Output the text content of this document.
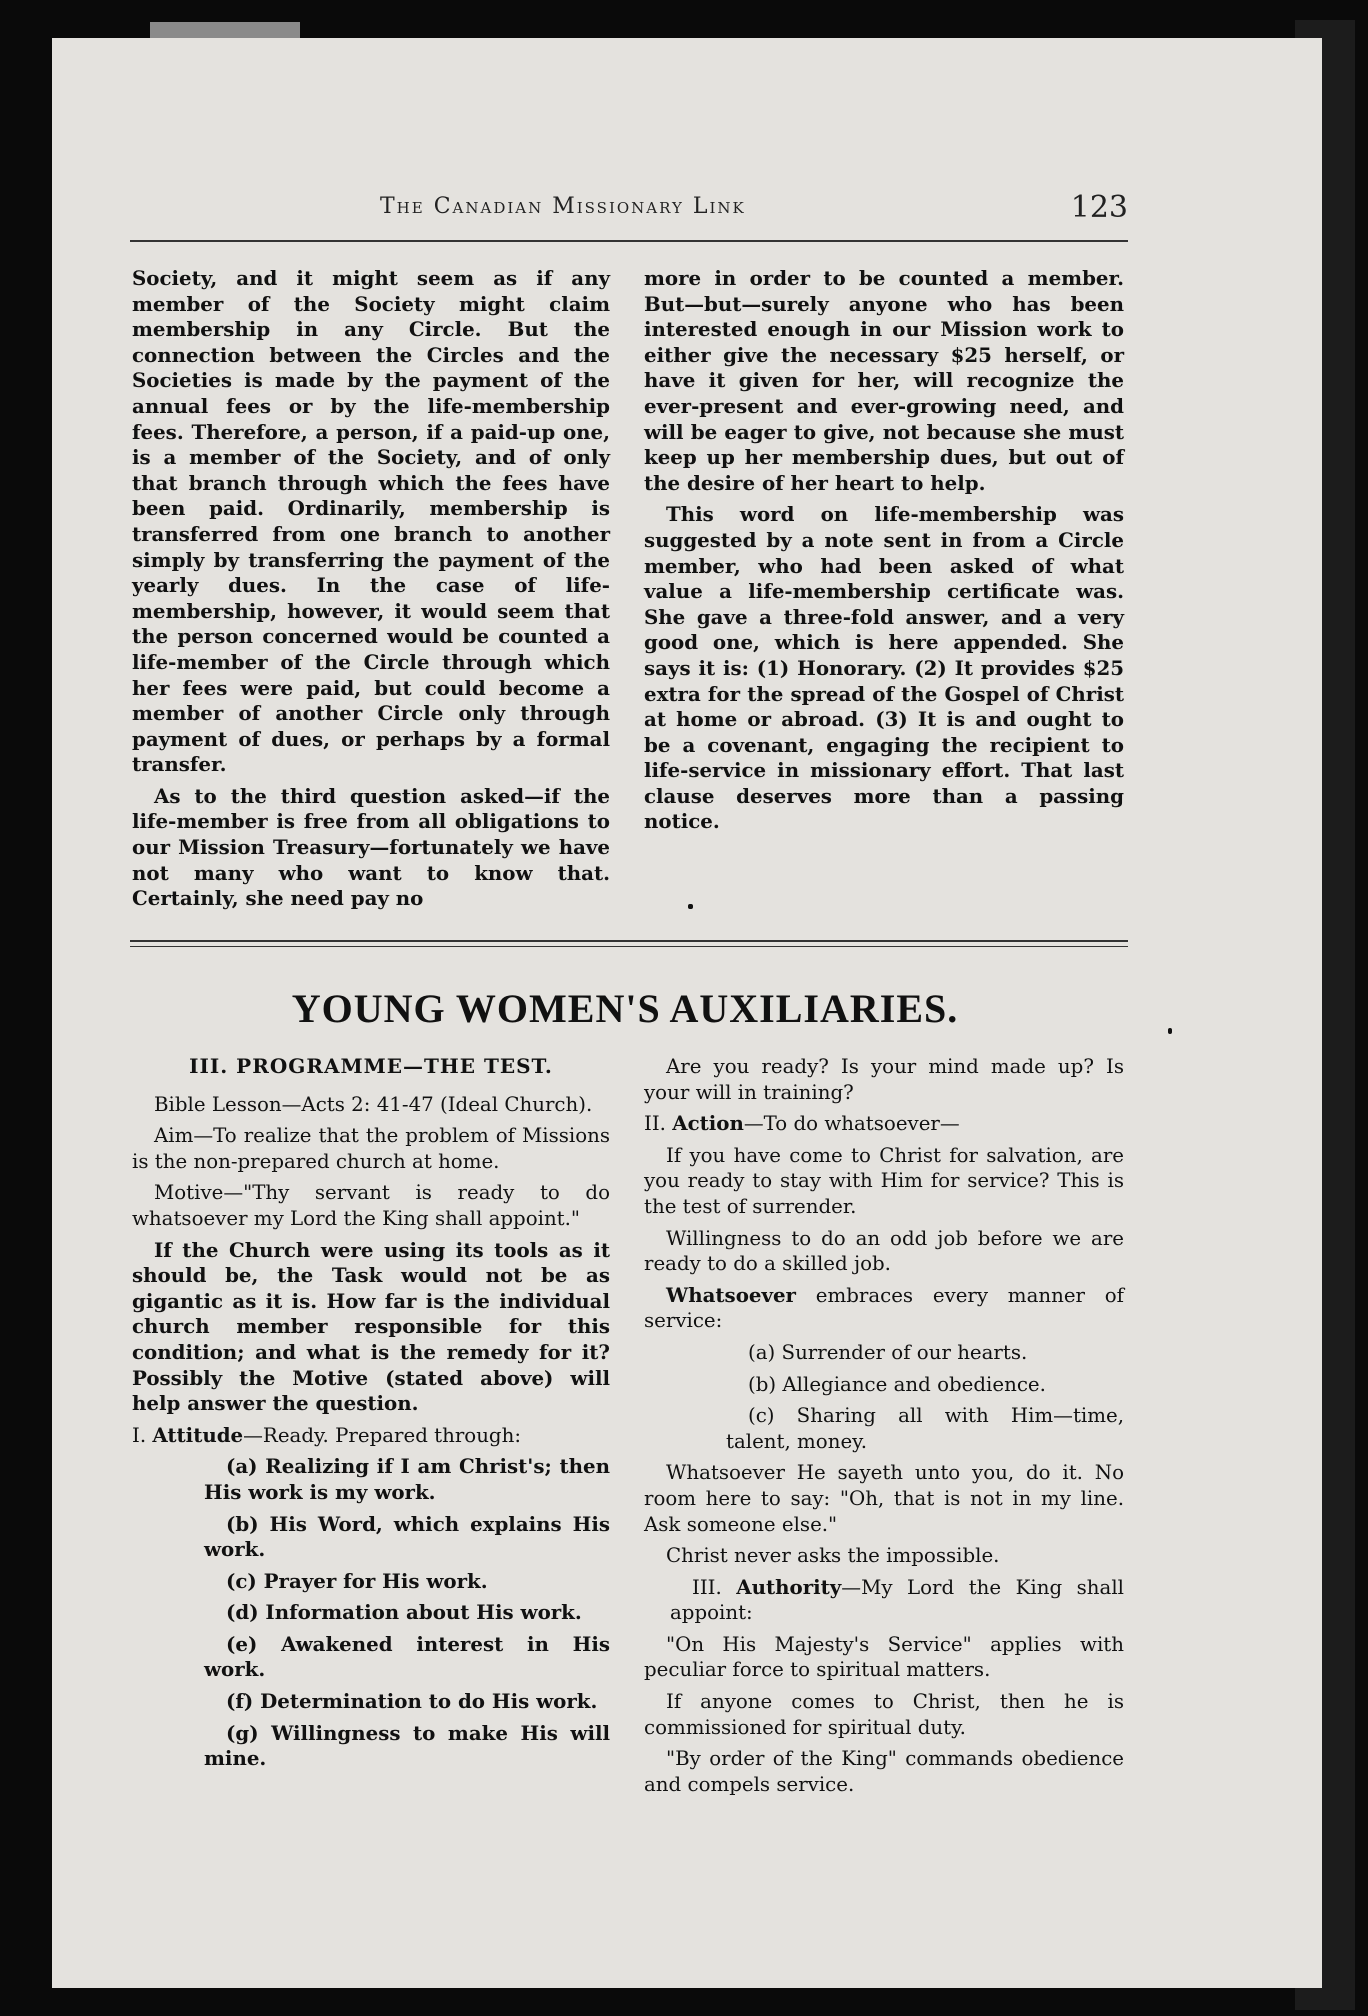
The Canadian Missionary Link	123

Society, and it might seem as if any member of the Society might claim membership in any Circle. But the connection between the Circles and the Societies is made by the payment of the annual fees or by the life-membership fees. Therefore, a person, if a paid-up one, is a member of the Society, and of only that branch through which the fees have been paid. Ordinarily, membership is transferred from one branch to another simply by transferring the payment of the yearly dues. In the case of life-membership, however, it would seem that the person concerned would be counted a life-member of the Circle through which her fees were paid, but could become a member of another Circle only through payment of dues, or perhaps by a formal transfer.

As to the third question asked—if the life-member is free from all obligations to our Mission Treasury—fortunately we have not many who want to know that. Certainly, she need pay no

more in order to be counted a member. But—but—surely anyone who has been interested enough in our Mission work to either give the necessary $25 herself, or have it given for her, will recognize the ever-present and ever-growing need, and will be eager to give, not because she must keep up her membership dues, but out of the desire of her heart to help.

This word on life-membership was suggested by a note sent in from a Circle member, who had been asked of what value a life-membership certificate was. She gave a three-fold answer, and a very good one, which is here appended. She says it is: (1) Honorary. (2) It provides $25 extra for the spread of the Gospel of Christ at home or abroad. (3) It is and ought to be a covenant, engaging the recipient to life-service in missionary effort. That last clause deserves more than a passing notice.

YOUNG WOMEN'S AUXILIARIES.
III. PROGRAMME—THE TEST.

Bible Lesson—Acts 2: 41-47 (Ideal Church).

Aim—To realize that the problem of Missions is the non-prepared church at home.

Motive—"Thy servant is ready to do whatsoever my Lord the King shall appoint."

If the Church were using its tools as it should be, the Task would not be as gigantic as it is. How far is the individual church member responsible for this condition; and what is the remedy for it? Possibly the Motive (stated above) will help answer the question.

I. Attitude—Ready. Prepared through:

(a) Realizing if I am Christ's; then His work is my work.

(b) His Word, which explains His work.

(c) Prayer for His work.

(d) Information about His work.

(e) Awakened interest in His work.

(f) Determination to do His work.

(g) Willingness to make His will mine.

Are you ready? Is your mind made up? Is your will in training?

II. Action—To do whatsoever—

If you have come to Christ for salvation, are you ready to stay with Him for service? This is the test of surrender.

Willingness to do an odd job before we are ready to do a skilled job.

Whatsoever embraces every manner of service:

(a) Surrender of our hearts.

(b) Allegiance and obedience.

(c) Sharing all with Him—time, talent, money.

Whatsoever He sayeth unto you, do it. No room here to say: "Oh, that is not in my line. Ask someone else."

Christ never asks the impossible.

III. Authority—My Lord the King shall appoint:

"On His Majesty's Service" applies with peculiar force to spiritual matters.

If anyone comes to Christ, then he is commissioned for spiritual duty.

"By order of the King" commands obedience and compels service.
